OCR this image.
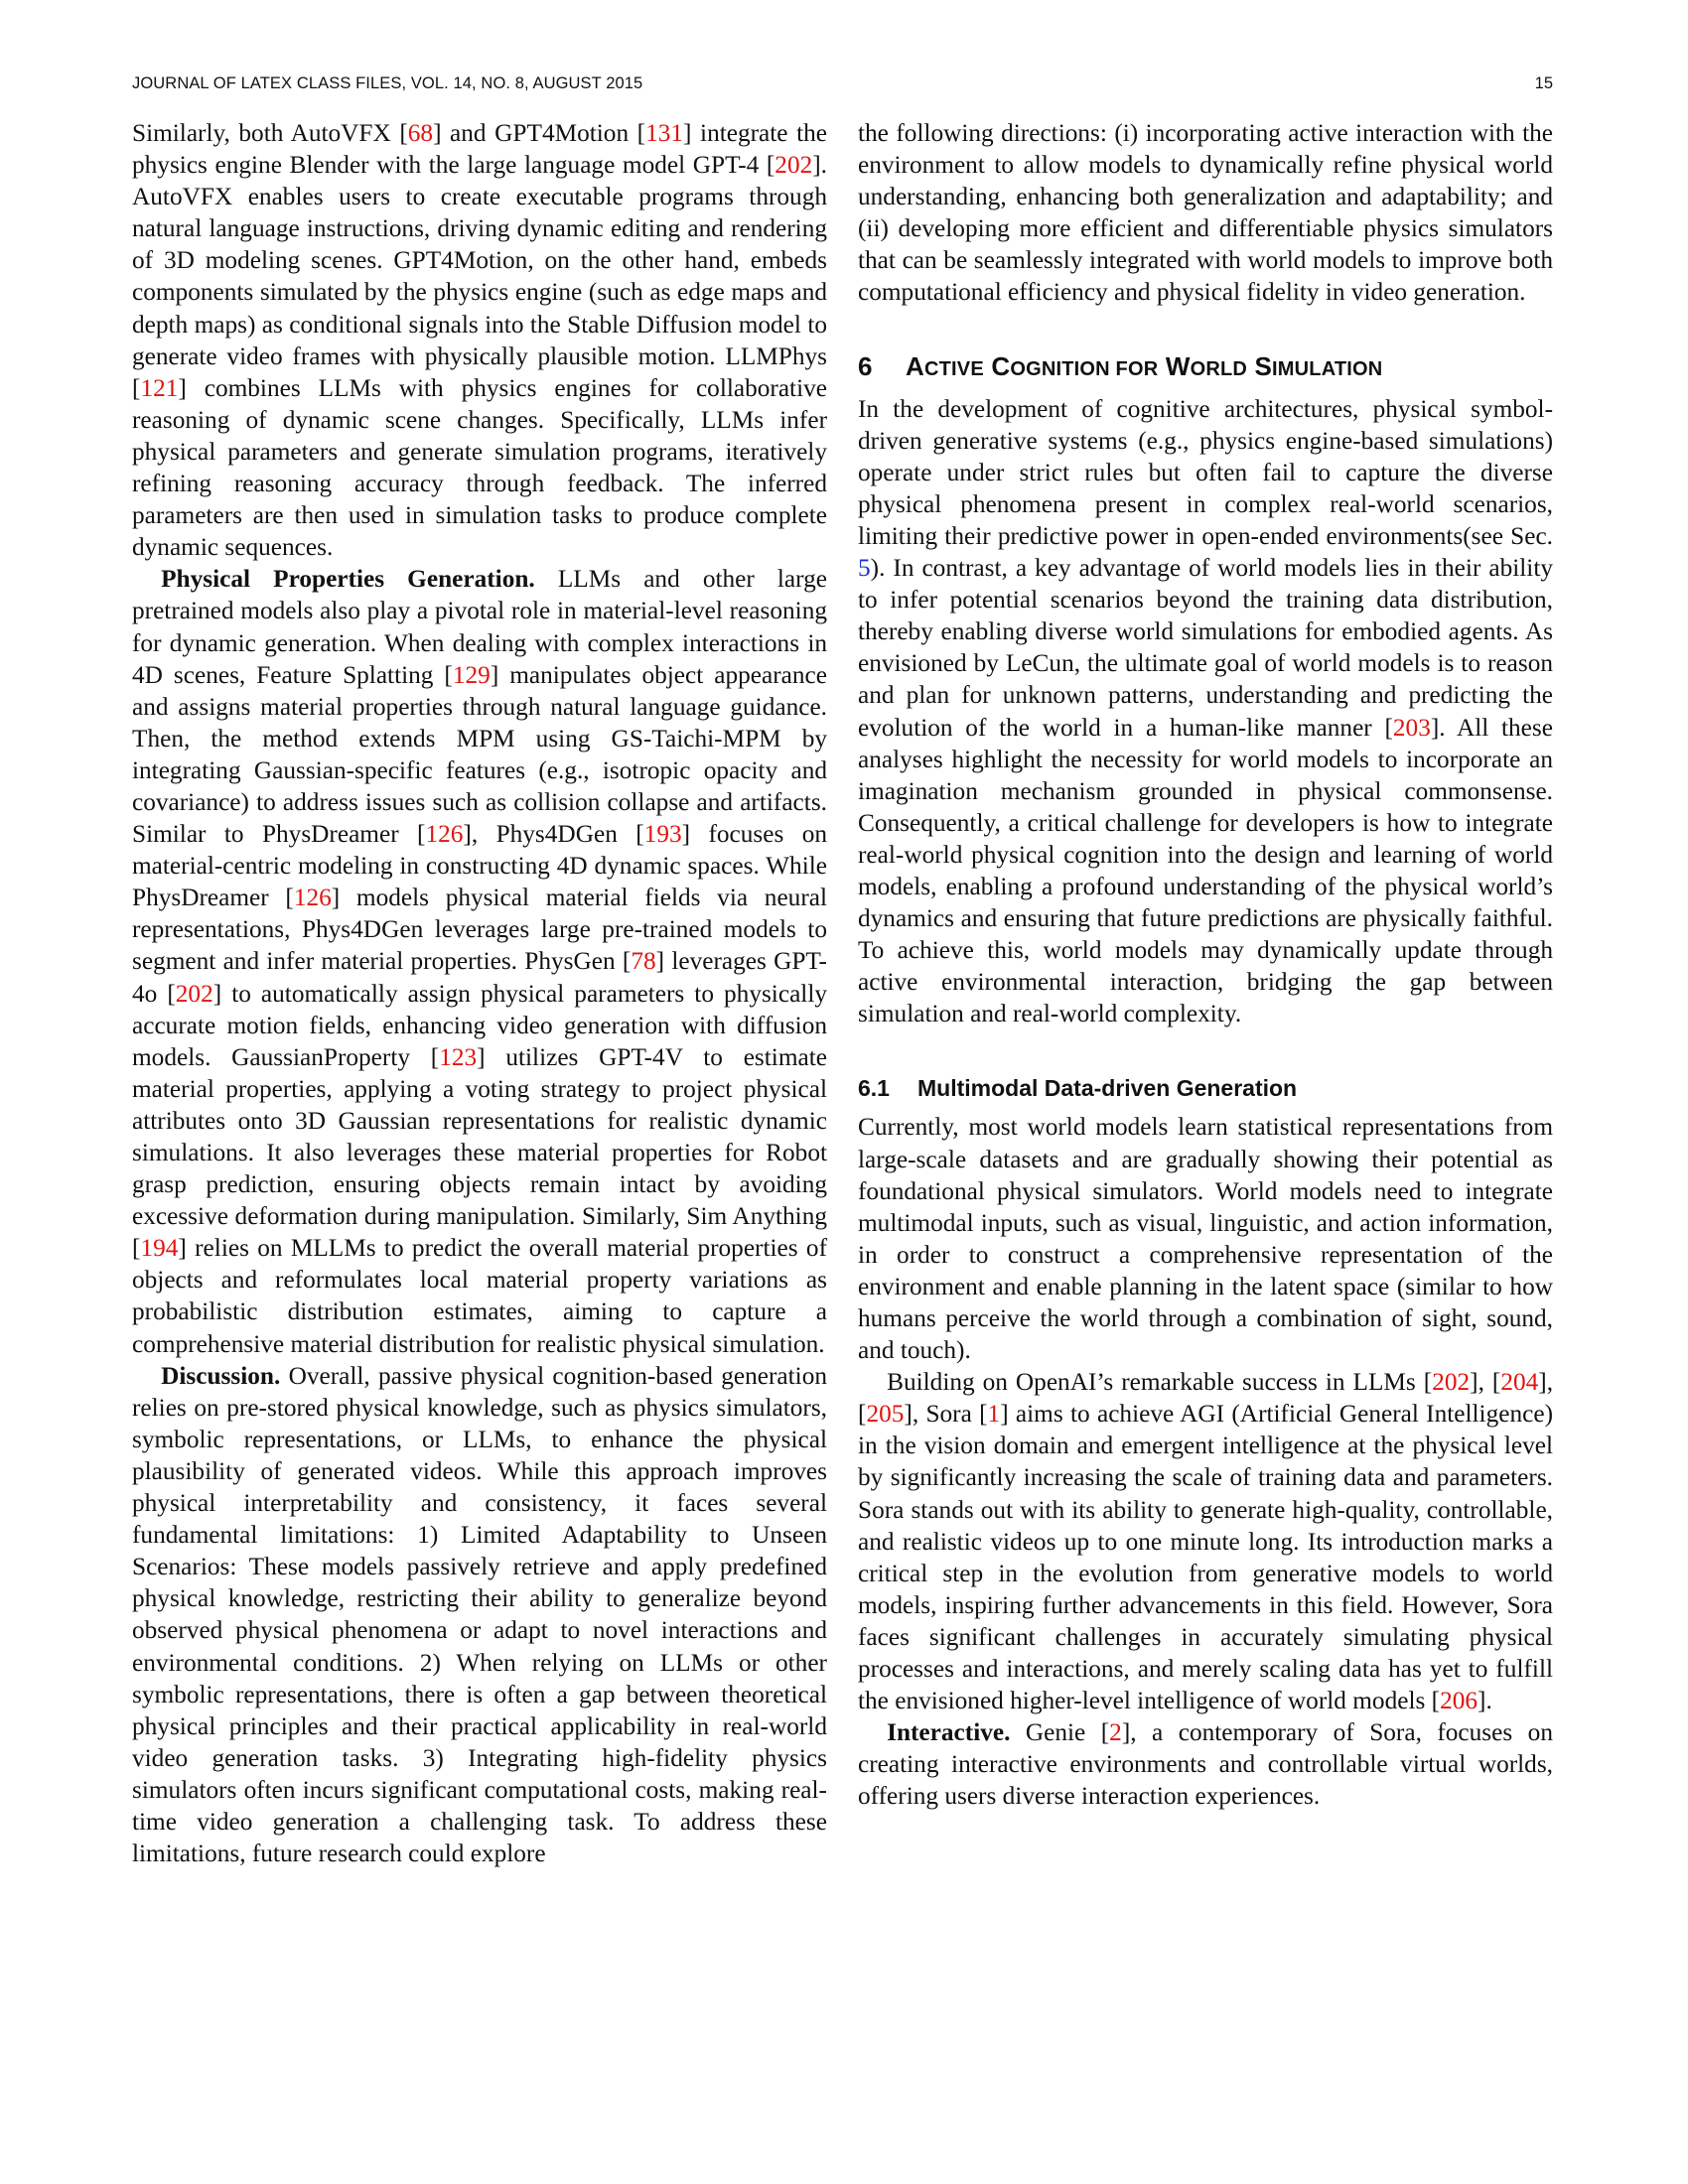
JOURNAL OF LATEX CLASS FILES, VOL. 14, NO. 8, AUGUST 2015	15

Similarly, both AutoVFX [68] and GPT4Motion [131] integrate the physics engine Blender with the large language model GPT-4 [202]. AutoVFX enables users to create executable programs through natural language instructions, driving dynamic editing and rendering of 3D modeling scenes. GPT4Motion, on the other hand, embeds components simulated by the physics engine (such as edge maps and depth maps) as conditional signals into the Stable Diffusion model to generate video frames with physically plausible motion. LLMPhys [121] combines LLMs with physics engines for collaborative reasoning of dynamic scene changes. Specifically, LLMs infer physical parameters and generate simulation programs, iteratively refining reasoning accuracy through feedback. The inferred parameters are then used in simulation tasks to produce complete dynamic sequences.

Physical Properties Generation. LLMs and other large pretrained models also play a pivotal role in material-level reasoning for dynamic generation. When dealing with complex interactions in 4D scenes, Feature Splatting [129] manipulates object appearance and assigns material properties through natural language guidance. Then, the method extends MPM using GS-Taichi-MPM by integrating Gaussian-specific features (e.g., isotropic opacity and covariance) to address issues such as collision collapse and artifacts. Similar to PhysDreamer [126], Phys4DGen [193] focuses on material-centric modeling in constructing 4D dynamic spaces. While PhysDreamer [126] models physical material fields via neural representations, Phys4DGen leverages large pre-trained models to segment and infer material properties. PhysGen [78] leverages GPT-4o [202] to automatically assign physical parameters to physically accurate motion fields, enhancing video generation with diffusion models. GaussianProperty [123] utilizes GPT-4V to estimate material properties, applying a voting strategy to project physical attributes onto 3D Gaussian representations for realistic dynamic simulations. It also leverages these material properties for Robot grasp prediction, ensuring objects remain intact by avoiding excessive deformation during manipulation. Similarly, Sim Anything [194] relies on MLLMs to predict the overall material properties of objects and reformulates local material property variations as probabilistic distribution estimates, aiming to capture a comprehensive material distribution for realistic physical simulation.

Discussion. Overall, passive physical cognition-based generation relies on pre-stored physical knowledge, such as physics simulators, symbolic representations, or LLMs, to enhance the physical plausibility of generated videos. While this approach improves physical interpretability and consistency, it faces several fundamental limitations: 1) Limited Adaptability to Unseen Scenarios: These models passively retrieve and apply predefined physical knowledge, restricting their ability to generalize beyond observed physical phenomena or adapt to novel interactions and environmental conditions. 2) When relying on LLMs or other symbolic representations, there is often a gap between theoretical physical principles and their practical applicability in real-world video generation tasks. 3) Integrating high-fidelity physics simulators often incurs significant computational costs, making real-time video generation a challenging task. To address these limitations, future research could explore

the following directions: (i) incorporating active interaction with the environment to allow models to dynamically refine physical world understanding, enhancing both generalization and adaptability; and (ii) developing more efficient and differentiable physics simulators that can be seamlessly integrated with world models to improve both computational efficiency and physical fidelity in video generation.

6 ACTIVE COGNITION FOR WORLD SIMULATION

In the development of cognitive architectures, physical symbol-driven generative systems (e.g., physics engine-based simulations) operate under strict rules but often fail to capture the diverse physical phenomena present in complex real-world scenarios, limiting their predictive power in open-ended environments(see Sec. 5). In contrast, a key advantage of world models lies in their ability to infer potential scenarios beyond the training data distribution, thereby enabling diverse world simulations for embodied agents. As envisioned by LeCun, the ultimate goal of world models is to reason and plan for unknown patterns, understanding and predicting the evolution of the world in a human-like manner [203]. All these analyses highlight the necessity for world models to incorporate an imagination mechanism grounded in physical commonsense. Consequently, a critical challenge for developers is how to integrate real-world physical cognition into the design and learning of world models, enabling a profound understanding of the physical world’s dynamics and ensuring that future predictions are physically faithful. To achieve this, world models may dynamically update through active environmental interaction, bridging the gap between simulation and real-world complexity.

6.1 Multimodal Data-driven Generation

Currently, most world models learn statistical representations from large-scale datasets and are gradually showing their potential as foundational physical simulators. World models need to integrate multimodal inputs, such as visual, linguistic, and action information, in order to construct a comprehensive representation of the environment and enable planning in the latent space (similar to how humans perceive the world through a combination of sight, sound, and touch).

Building on OpenAI’s remarkable success in LLMs [202], [204], [205], Sora [1] aims to achieve AGI (Artificial General Intelligence) in the vision domain and emergent intelligence at the physical level by significantly increasing the scale of training data and parameters. Sora stands out with its ability to generate high-quality, controllable, and realistic videos up to one minute long. Its introduction marks a critical step in the evolution from generative models to world models, inspiring further advancements in this field. However, Sora faces significant challenges in accurately simulating physical processes and interactions, and merely scaling data has yet to fulfill the envisioned higher-level intelligence of world models [206].

Interactive. Genie [2], a contemporary of Sora, focuses on creating interactive environments and controllable virtual worlds, offering users diverse interaction experiences.
